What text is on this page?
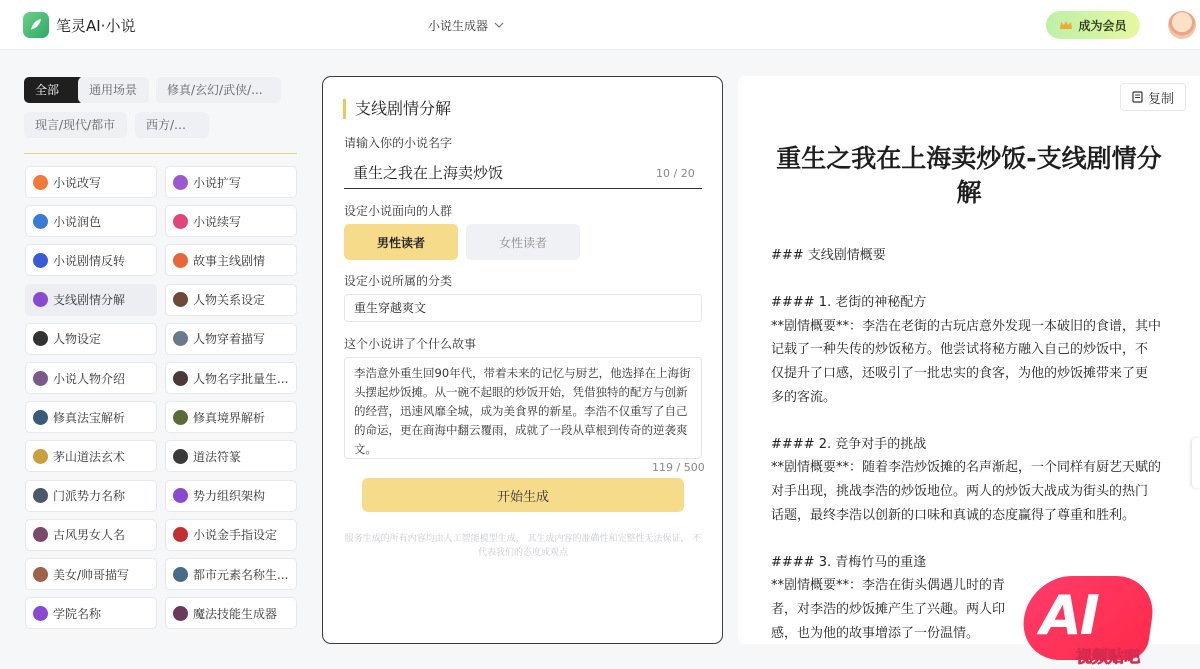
笔灵AI·小说	小说生成器	成为会员
全部	通用场景	修真/玄幻/武侠/...
现言/现代/都市	西方/魔法
小说改写	小说扩写
小说润色	小说续写
小说剧情反转	故事主线剧情
支线剧情分解	人物关系设定
人物设定	人物穿着描写
小说人物介绍	人物名字批量生...
修真法宝解析	修真境界解析
茅山道法玄术	道法符篆
门派势力名称	势力组织架构
古风男女人名	小说金手指设定
美女/帅哥描写	都市元素名称生...
学院名称	魔法技能生成器
支线剧情分解
请输入你的小说名字
重生之我在上海卖炒饭	10 / 20
设定小说面向的人群
男性读者	女性读者
设定小说所属的分类
重生穿越爽文
这个小说讲了个什么故事
李浩意外重生回90年代，带着未来的记忆与厨艺，他选择在上海街头摆起炒饭摊。从一碗不起眼的炒饭开始，凭借独特的配方与创新的经营，迅速风靡全城，成为美食界的新星。李浩不仅重写了自己的命运，更在商海中翻云覆雨，成就了一段从草根到传奇的逆袭爽文。
119 / 500
开始生成
服务生成的所有内容均由人工智能模型生成， 其生成内容的准确性和完整性无法保证， 不代表我们的态度或观点
复制
重生之我在上海卖炒饭-支线剧情分解
### 支线剧情概要
#### 1. 老街的神秘配方
**剧情概要**：李浩在老街的古玩店意外发现一本破旧的食谱，其中
记载了一种失传的炒饭秘方。他尝试将秘方融入自己的炒饭中，不
仅提升了口感，还吸引了一批忠实的食客，为他的炒饭摊带来了更
多的客流。
#### 2. 竞争对手的挑战
**剧情概要**：随着李浩炒饭摊的名声渐起，一个同样有厨艺天赋的
对手出现，挑战李浩的炒饭地位。两人的炒饭大战成为街头的热门
话题，最终李浩以创新的口味和真诚的态度赢得了尊重和胜利。
#### 3. 青梅竹马的重逢
**剧情概要**：李浩在街头偶遇儿时的青
者，对李浩的炒饭摊产生了兴趣。两人印
感，也为他的故事增添了一份温情。	AI
视频贴吧
